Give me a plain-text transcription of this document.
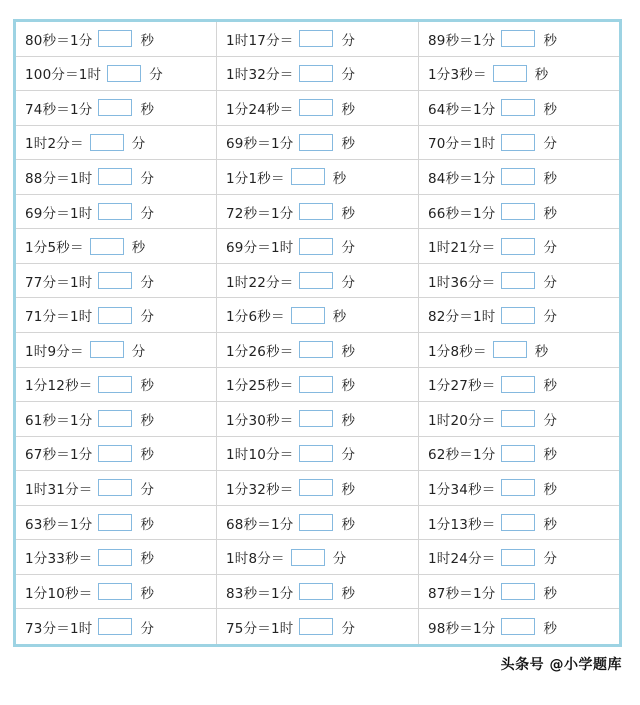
80秒＝1分	秒	1时17分＝	分	89秒＝1分	秒
100分＝1时	分	1时32分＝	分	1分3秒＝	秒
74秒＝1分	秒	1分24秒＝	秒	64秒＝1分	秒
1时2分＝	分	69秒＝1分	秒	70分＝1时	分
88分＝1时	分	1分1秒＝	秒	84秒＝1分	秒
69分＝1时	分	72秒＝1分	秒	66秒＝1分	秒
1分5秒＝	秒	69分＝1时	分	1时21分＝	分
77分＝1时	分	1时22分＝	分	1时36分＝	分
71分＝1时	分	1分6秒＝	秒	82分＝1时	分
1时9分＝	分	1分26秒＝	秒	1分8秒＝	秒
1分12秒＝	秒	1分25秒＝	秒	1分27秒＝	秒
61秒＝1分	秒	1分30秒＝	秒	1时20分＝	分
67秒＝1分	秒	1时10分＝	分	62秒＝1分	秒
1时31分＝	分	1分32秒＝	秒	1分34秒＝	秒
63秒＝1分	秒	68秒＝1分	秒	1分13秒＝	秒
1分33秒＝	秒	1时8分＝	分	1时24分＝	分
1分10秒＝	秒	83秒＝1分	秒	87秒＝1分	秒
73分＝1时	分	75分＝1时	分	98秒＝1分	秒
头条号 @小学题库
